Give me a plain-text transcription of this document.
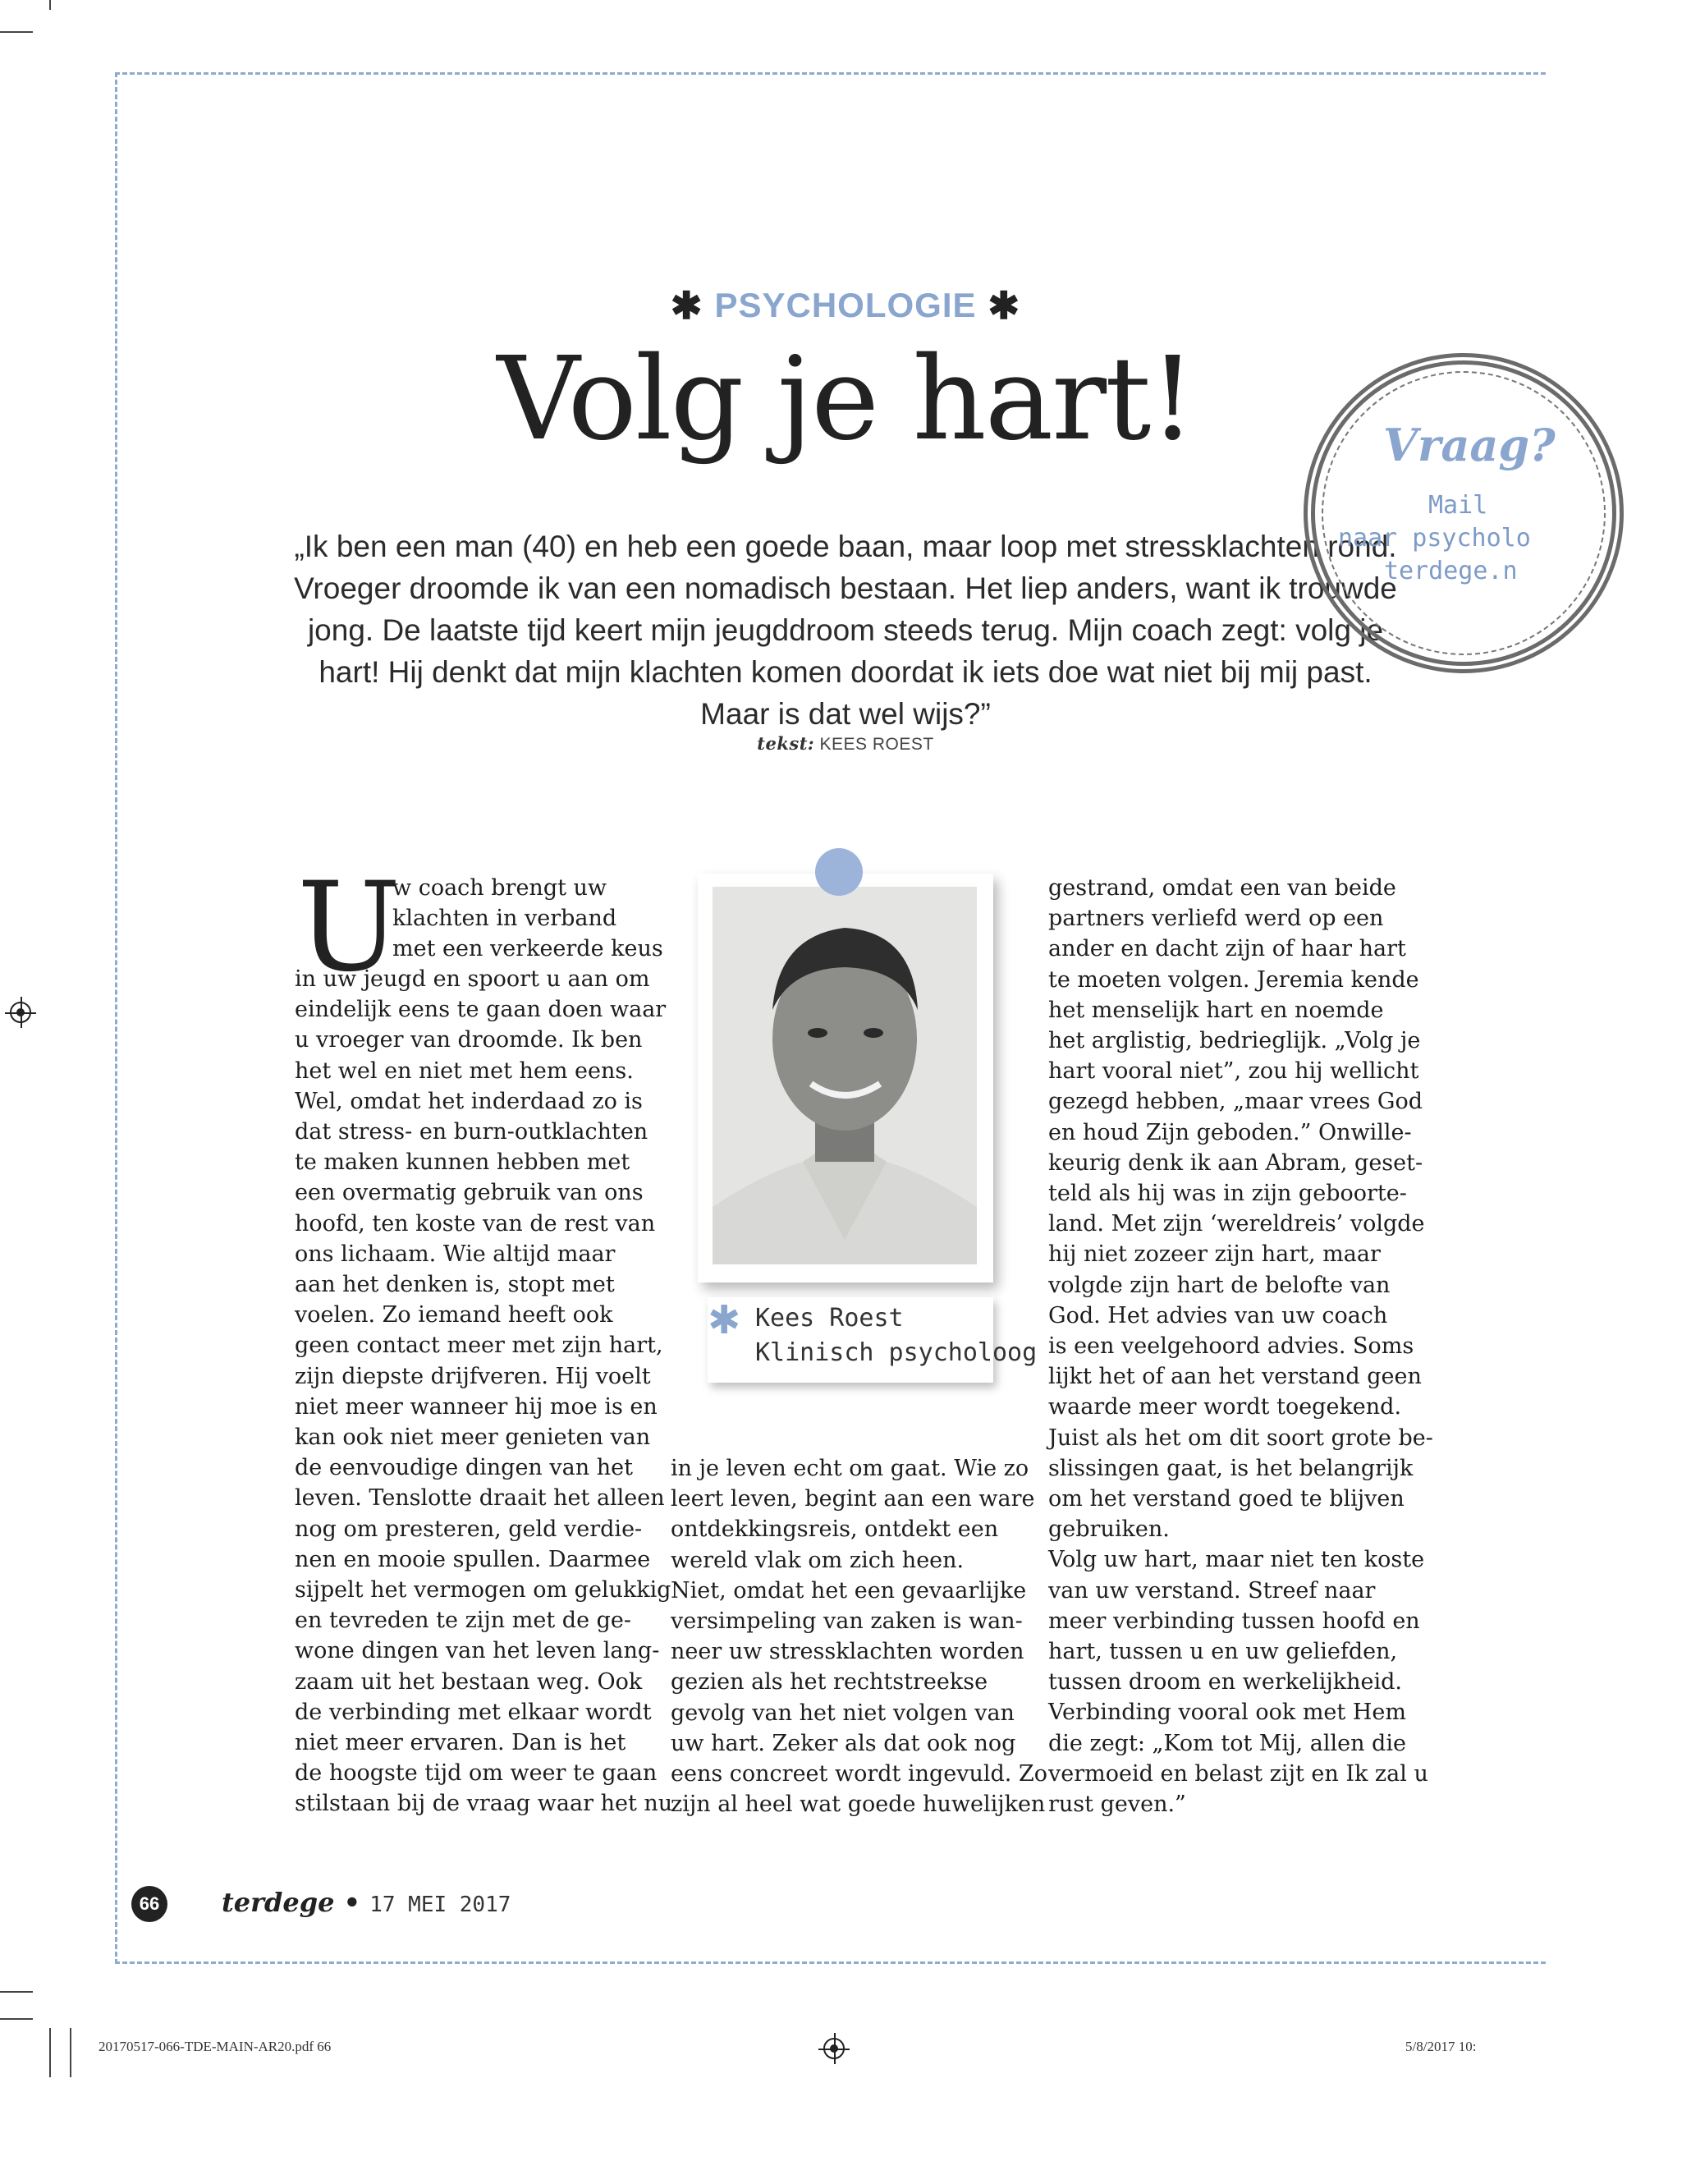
✱ PSYCHOLOGIE ✱
Volg je hart!
„Ik ben een man (40) en heb een goede baan, maar loop met stressklachten rond. Vroeger droomde ik van een nomadisch bestaan. Het liep anders, want ik trouwde jong. De laatste tijd keert mijn jeugddroom steeds terug. Mijn coach zegt: volg je hart! Hij denkt dat mijn klachten komen doordat ik iets doe wat niet bij mij past. Maar is dat wel wijs?”
tekst: KEES ROEST
Vraag?
Mail
naar psycholo
terdege.n
U
w coach brengt uw
klachten in verband
met een verkeerde keus
in uw jeugd en spoort u aan om
eindelijk eens te gaan doen waar
u vroeger van droomde. Ik ben
het wel en niet met hem eens.
Wel, omdat het inderdaad zo is
dat stress- en burn-outklachten
te maken kunnen hebben met
een overmatig gebruik van ons
hoofd, ten koste van de rest van
ons lichaam. Wie altijd maar
aan het denken is, stopt met
voelen. Zo iemand heeft ook
geen contact meer met zijn hart,
zijn diepste drijfveren. Hij voelt
niet meer wanneer hij moe is en
kan ook niet meer genieten van
de eenvoudige dingen van het
leven. Tenslotte draait het alleen
nog om presteren, geld verdie-
nen en mooie spullen. Daarmee
sijpelt het vermogen om gelukkig
en tevreden te zijn met de ge-
wone dingen van het leven lang-
zaam uit het bestaan weg. Ook
de verbinding met elkaar wordt
niet meer ervaren. Dan is het
de hoogste tijd om weer te gaan
stilstaan bij de vraag waar het nu
✱ Kees Roest
Klinisch psycholoog
in je leven echt om gaat. Wie zo
leert leven, begint aan een ware
ontdekkingsreis, ontdekt een
wereld vlak om zich heen.
Niet, omdat het een gevaarlijke
versimpeling van zaken is wan-
neer uw stressklachten worden
gezien als het rechtstreekse
gevolg van het niet volgen van
uw hart. Zeker als dat ook nog
eens concreet wordt ingevuld. Zo
zijn al heel wat goede huwelijken
gestrand, omdat een van beide
partners verliefd werd op een
ander en dacht zijn of haar hart
te moeten volgen. Jeremia kende
het menselijk hart en noemde
het arglistig, bedrieglijk. „Volg je
hart vooral niet”, zou hij wellicht
gezegd hebben, „maar vrees God
en houd Zijn geboden.” Onwille-
keurig denk ik aan Abram, geset-
teld als hij was in zijn geboorte-
land. Met zijn ‘wereldreis’ volgde
hij niet zozeer zijn hart, maar
volgde zijn hart de belofte van
God. Het advies van uw coach
is een veelgehoord advies. Soms
lijkt het of aan het verstand geen
waarde meer wordt toegekend.
Juist als het om dit soort grote be-
slissingen gaat, is het belangrijk
om het verstand goed te blijven
gebruiken.
Volg uw hart, maar niet ten koste
van uw verstand. Streef naar
meer verbinding tussen hoofd en
hart, tussen u en uw geliefden,
tussen droom en werkelijkheid.
Verbinding vooral ook met Hem
die zegt: „Kom tot Mij, allen die
vermoeid en belast zijt en Ik zal u
rust geven.”
66	terdege • 17 MEI 2017
20170517-066-TDE-MAIN-AR20.pdf 66	5/8/2017 10:
